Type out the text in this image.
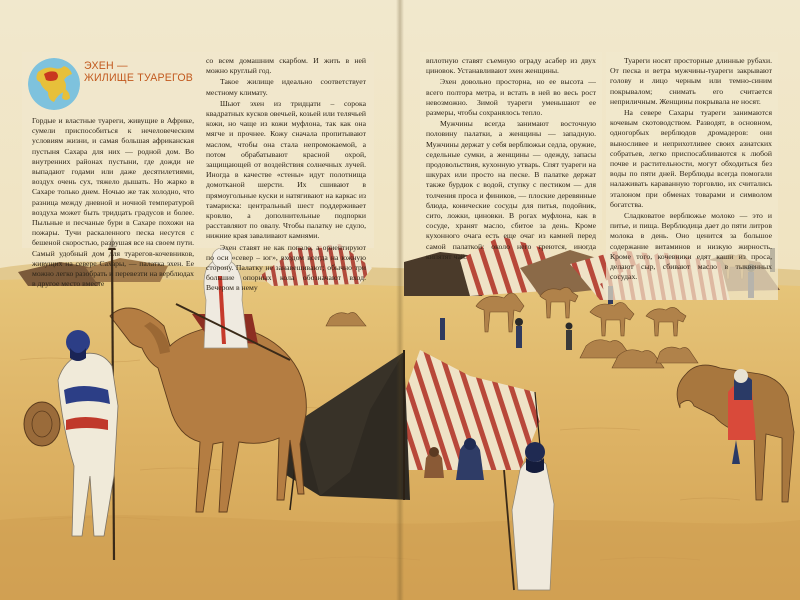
ЭХЕН —
ЖИЛИЩЕ ТУАРЕГОВ

Гордые и властные туареги, живущие в Африке, сумели приспособиться к нечеловеческим условиям жизни, и самая большая африканская пустыня Сахара для них — родной дом. Во внутренних районах пустыни, где дожди не выпадают годами или даже десятилетиями, воздух очень сух, тяжело дышать. Но жарко в Сахаре только днем. Ночью же так холодно, что разница между дневной и ночной температурой воздуха может быть тридцать градусов и более. Пыльные и песчаные бури в Сахаре похожи на пожары. Тучи раскаленного песка несутся с бешеной скоростью, разрушая все на своем пути. Самый удобный дом для туарегов-кочевников, живущих на севере Сахары, — палатка эхен. Ее можно легко разобрать и перевезти на верблюдах в другое место вместе

со всем домашним скарбом. И жить в ней можно круглый год.

Такое жилище идеально соответствует местному климату.

Шьют эхен из тридцати – сорока квадратных кусков овечьей, козьей или телячьей кожи, но чаще из кожи муфлона, так как она мягче и прочнее. Кожу сначала пропитывают маслом, чтобы она стала непромокаемой, а потом обрабатывают красной охрой, защищающей от воздействия солнечных лучей. Иногда в качестве «стены» идут полотнища домотканой шерсти. Их сшивают в прямоугольные куски и натягивают на каркас из тамариска: центральный шест поддерживает кровлю, а дополнительные подпорки расставляют по овалу. Чтобы палатку не сдуло, нижние края заваливают камнями.

Эхен ставят не как попало, а ориентируют по оси «север – юг», входом всегда на южную сторону. Палатку не занавешивают; обычно три большие опорных кола обозначают вход. Вечером в нему

вплотную ставят съемную ограду асабер из двух циновок. Устанавливают эхен женщины.

Эхен довольно просторна, но ее высота — всего полтора метра, и встать в ней во весь рост невозможно. Зимой туареги уменьшают ее размеры, чтобы сохранялось тепло.

Мужчины всегда занимают восточную половину палатки, а женщины — западную. Мужчины держат у себя верблюжьи седла, оружие, седельные сумки, а женщины — одежду, запасы продовольствия, кухонную утварь. Спят туареги на шкурах или просто на песке. В палатке держат также бурдюк с водой, ступку с пестиком — для толчения проса и фиников, — плоские деревянные блюда, конические сосуды для питья, подойник, сито, ложки, циновки. В рогах муфлона, как в сосуде, хранят масло, сбитое за день. Кроме кухонного очага есть еще очаг из камней перед самой палаткой: около него греются, иногда кипятят чай.

Туареги носят просторные длинные рубахи. От песка и ветра мужчины-туареги закрывают голову и лицо черным или темно-синим покрывалом; снимать его считается неприличным. Женщины покрывала не носят.

На севере Сахары туареги занимаются кочевым скотоводством. Разводят, в основном, одногорбых верблюдов дромадеров: они выносливее и неприхотливее своих азиатских собратьев, легко приспосабливаются к любой почве и растительности, могут обходиться без воды по пяти дней. Верблюды всегда помогали налаживать караванную торговлю, их считались эталоном при обменах товарами и символом богатства.

Сладковатое верблюжье молоко — это и питье, и пища. Верблюдица дает до пяти литров молока в день. Оно ценится за большое содержание витаминов и низкую жирность. Кроме того, кочевники едят каши из проса, делают сыр, сбивают масло в тыквенных сосудах.
